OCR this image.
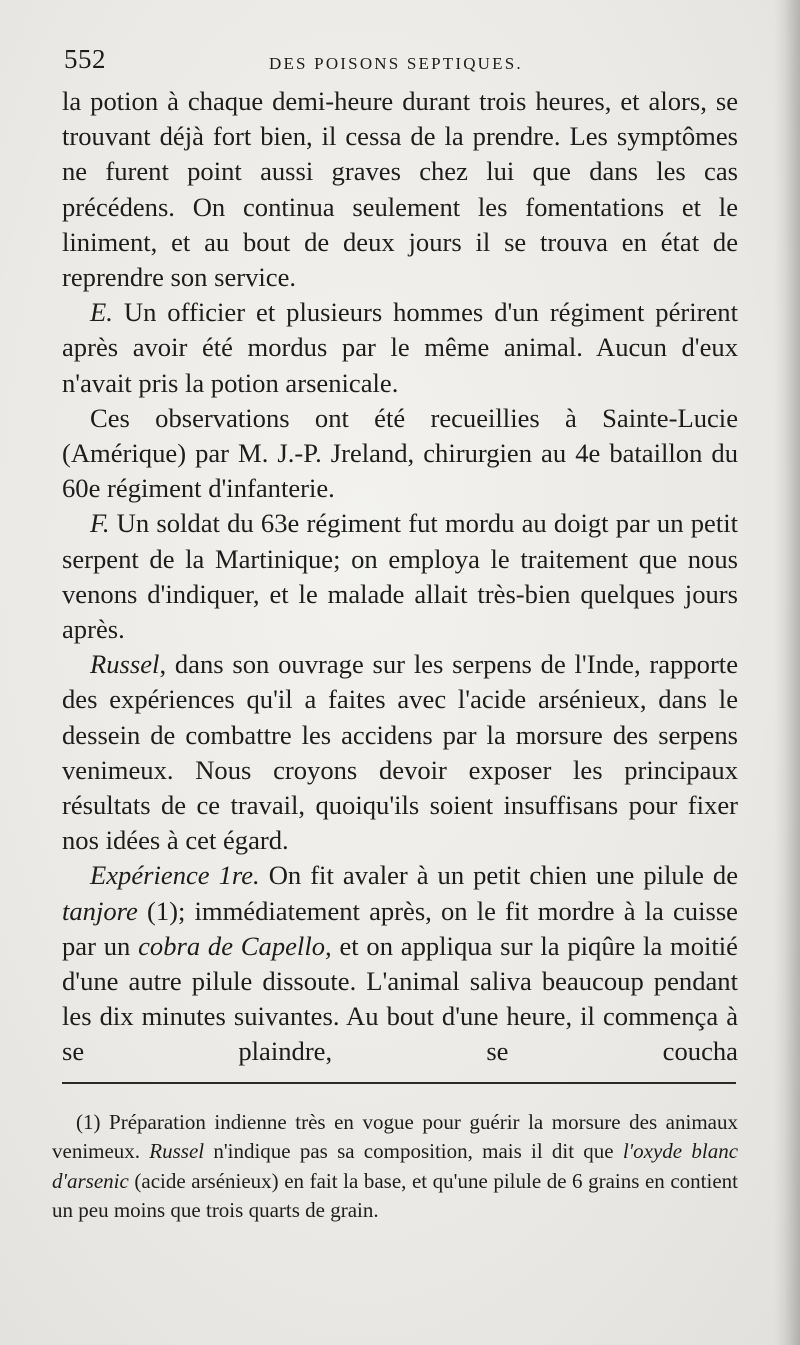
552	DES POISONS SEPTIQUES.

la potion à chaque demi-heure durant trois heures, et alors, se trouvant déjà fort bien, il cessa de la prendre. Les symptômes ne furent point aussi graves chez lui que dans les cas précédens. On continua seulement les fomentations et le liniment, et au bout de deux jours il se trouva en état de reprendre son service.

E. Un officier et plusieurs hommes d'un régiment périrent après avoir été mordus par le même animal. Aucun d'eux n'avait pris la potion arsenicale.

Ces observations ont été recueillies à Sainte-Lucie (Amérique) par M. J.-P. Jreland, chirurgien au 4e bataillon du 60e régiment d'infanterie.

F. Un soldat du 63e régiment fut mordu au doigt par un petit serpent de la Martinique; on employa le traitement que nous venons d'indiquer, et le malade allait très-bien quelques jours après.

Russel, dans son ouvrage sur les serpens de l'Inde, rapporte des expériences qu'il a faites avec l'acide arsénieux, dans le dessein de combattre les accidens par la morsure des serpens venimeux. Nous croyons devoir exposer les principaux résultats de ce travail, quoiqu'ils soient insuffisans pour fixer nos idées à cet égard.

Expérience 1re. On fit avaler à un petit chien une pilule de tanjore (1); immédiatement après, on le fit mordre à la cuisse par un cobra de Capello, et on appliqua sur la piqûre la moitié d'une autre pilule dissoute. L'animal saliva beaucoup pendant les dix minutes suivantes. Au bout d'une heure, il commença à se plaindre, se coucha

(1) Préparation indienne très en vogue pour guérir la morsure des animaux venimeux. Russel n'indique pas sa composition, mais il dit que l'oxyde blanc d'arsenic (acide arsénieux) en fait la base, et qu'une pilule de 6 grains en contient un peu moins que trois quarts de grain.
